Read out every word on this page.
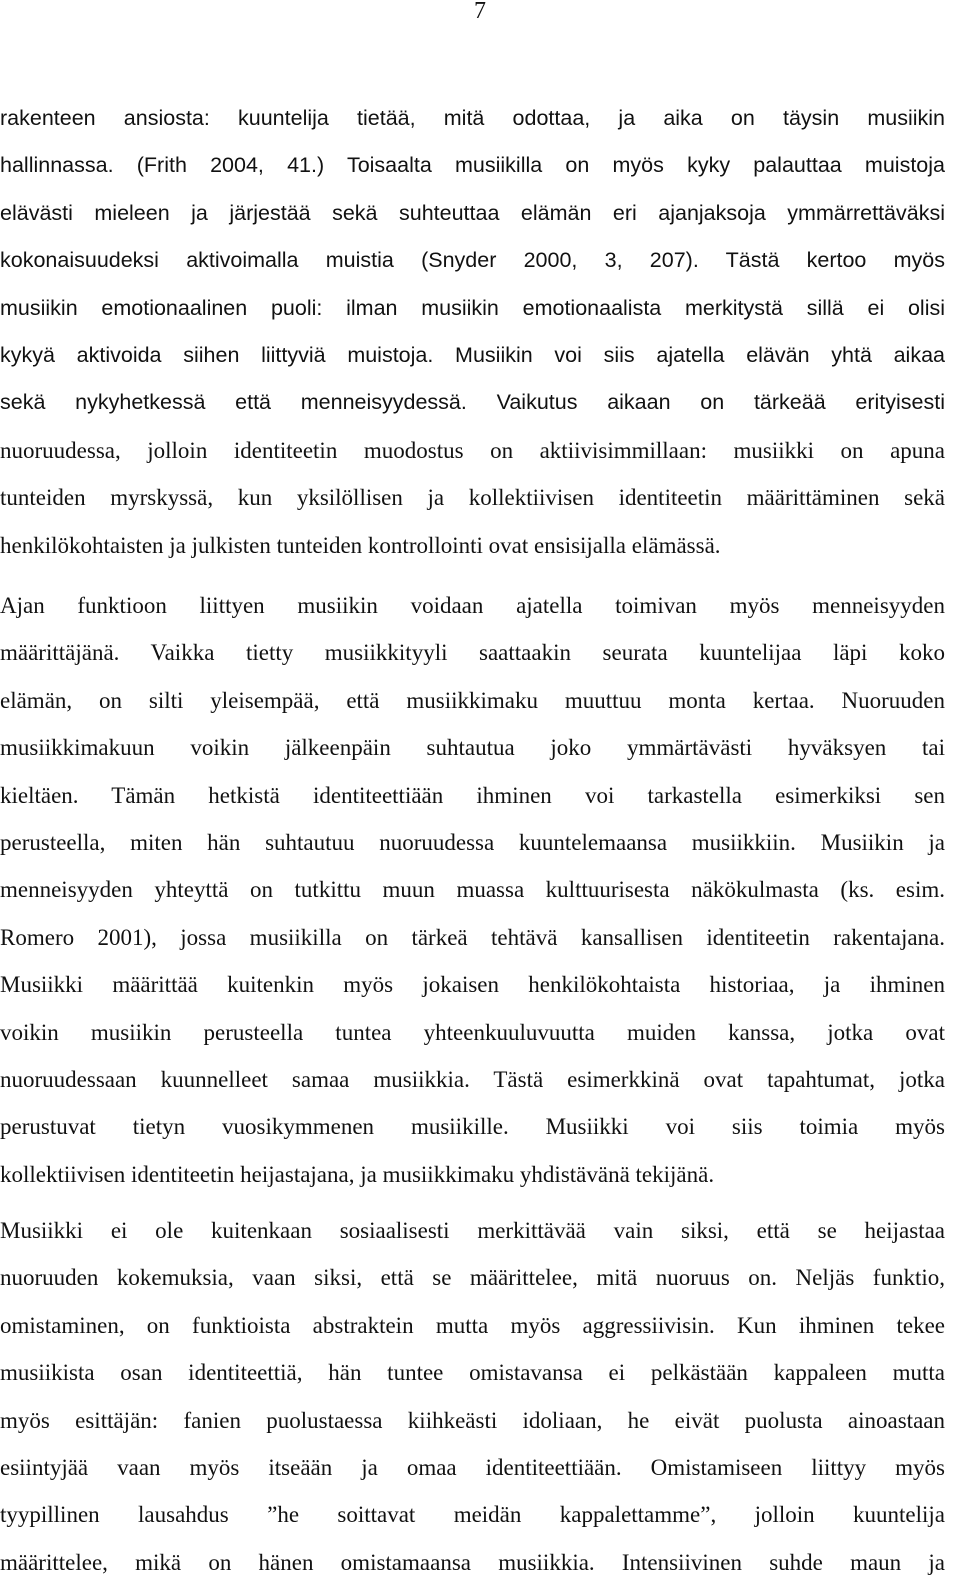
7
rakenteen ansiosta: kuuntelija tietää, mitä odottaa, ja aika on täysin musiikin
hallinnassa. (Frith 2004, 41.) Toisaalta musiikilla on myös kyky palauttaa muistoja
elävästi mieleen ja järjestää sekä suhteuttaa elämän eri ajanjaksoja ymmärrettäväksi
kokonaisuudeksi aktivoimalla muistia (Snyder 2000, 3, 207). Tästä kertoo myös
musiikin emotionaalinen puoli: ilman musiikin emotionaalista merkitystä sillä ei olisi
kykyä aktivoida siihen liittyviä muistoja. Musiikin voi siis ajatella elävän yhtä aikaa
sekä nykyhetkessä että menneisyydessä. Vaikutus aikaan on tärkeää erityisesti
nuoruudessa, jolloin identiteetin muodostus on aktiivisimmillaan: musiikki on apuna
tunteiden myrskyssä, kun yksilöllisen ja kollektiivisen identiteetin määrittäminen sekä
henkilökohtaisten ja julkisten tunteiden kontrollointi ovat ensisijalla elämässä.
Ajan funktioon liittyen musiikin voidaan ajatella toimivan myös menneisyyden
määrittäjänä. Vaikka tietty musiikkityyli saattaakin seurata kuuntelijaa läpi koko
elämän, on silti yleisempää, että musiikkimaku muuttuu monta kertaa. Nuoruuden
musiikkimakuun voikin jälkeenpäin suhtautua joko ymmärtävästi hyväksyen tai
kieltäen. Tämän hetkistä identiteettiään ihminen voi tarkastella esimerkiksi sen
perusteella, miten hän suhtautuu nuoruudessa kuuntelemaansa musiikkiin. Musiikin ja
menneisyyden yhteyttä on tutkittu muun muassa kulttuurisesta näkökulmasta (ks. esim.
Romero 2001), jossa musiikilla on tärkeä tehtävä kansallisen identiteetin rakentajana.
Musiikki määrittää kuitenkin myös jokaisen henkilökohtaista historiaa, ja ihminen
voikin musiikin perusteella tuntea yhteenkuuluvuutta muiden kanssa, jotka ovat
nuoruudessaan kuunnelleet samaa musiikkia. Tästä esimerkkinä ovat tapahtumat, jotka
perustuvat tietyn vuosikymmenen musiikille. Musiikki voi siis toimia myös
kollektiivisen identiteetin heijastajana, ja musiikkimaku yhdistävänä tekijänä.
Musiikki ei ole kuitenkaan sosiaalisesti merkittävää vain siksi, että se heijastaa
nuoruuden kokemuksia, vaan siksi, että se määrittelee, mitä nuoruus on. Neljäs funktio,
omistaminen, on funktioista abstraktein mutta myös aggressiivisin. Kun ihminen tekee
musiikista osan identiteettiä, hän tuntee omistavansa ei pelkästään kappaleen mutta
myös esittäjän: fanien puolustaessa kiihkeästi idoliaan, he eivät puolusta ainoastaan
esiintyjää vaan myös itseään ja omaa identiteettiään. Omistamiseen liittyy myös
tyypillinen lausahdus ”he soittavat meidän kappalettamme”, jolloin kuuntelija
määrittelee, mikä on hänen omistamaansa musiikkia. Intensiivinen suhde maun ja
